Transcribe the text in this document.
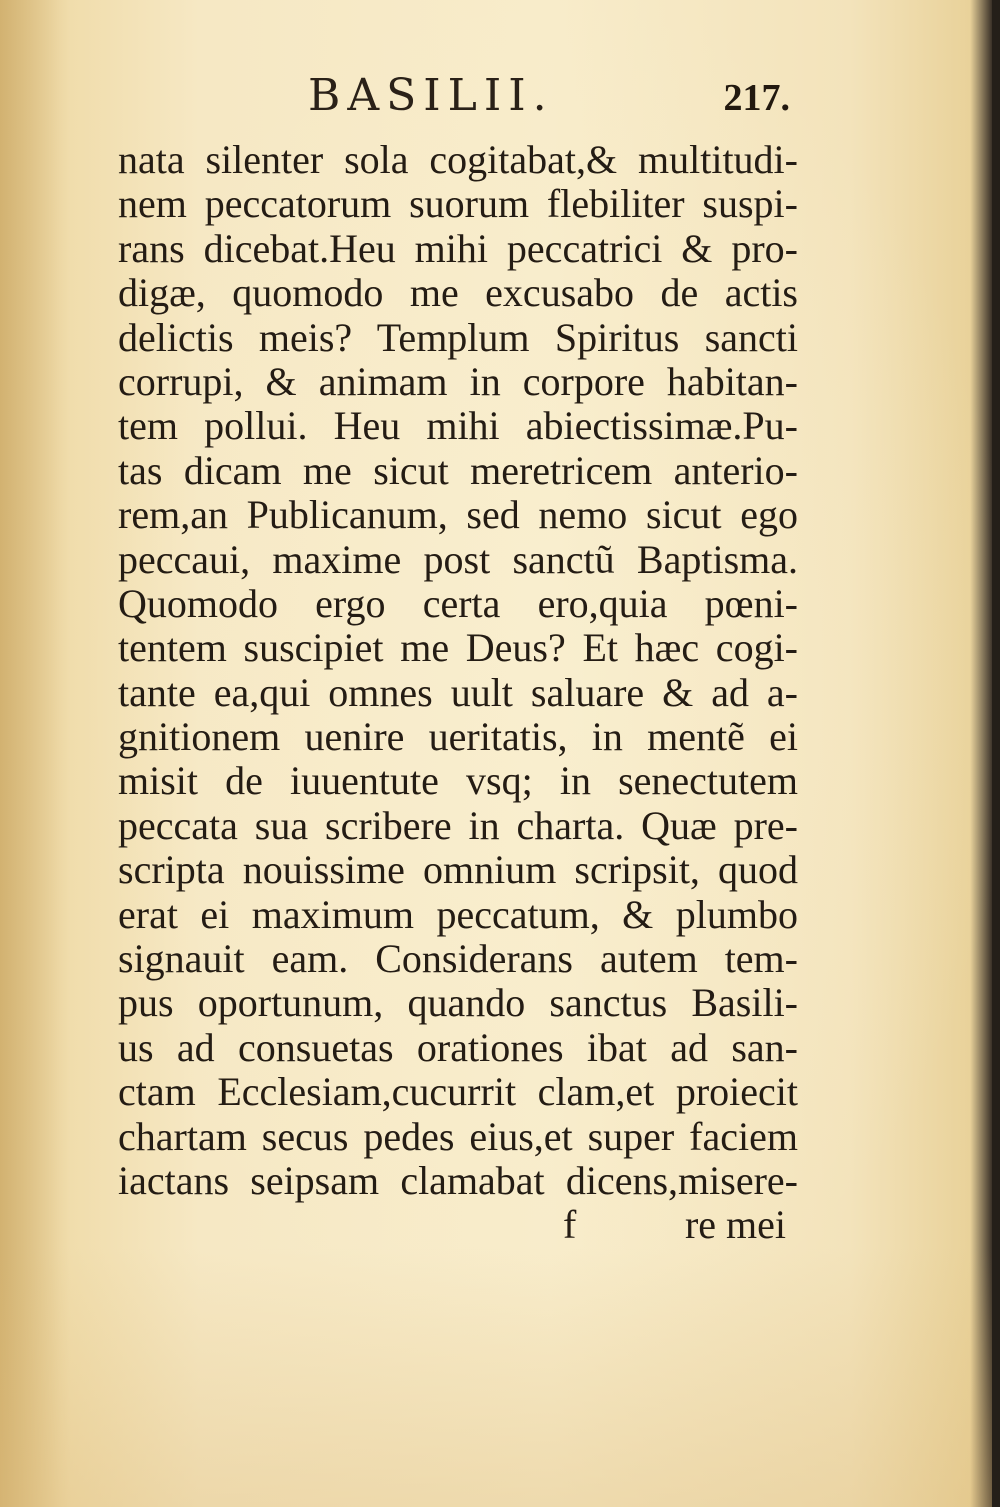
BASILII.	217.
nata silenter sola cogitabat,& multitudi-
nem peccatorum suorum flebiliter suspi-
rans dicebat.Heu mihi peccatrici & pro-
digæ, quomodo me excusabo de actis
delictis meis? Templum Spiritus sancti
corrupi, & animam in corpore habitan-
tem pollui. Heu mihi abiectissimæ.Pu-
tas dicam me sicut meretricem anterio-
rem,an Publicanum, sed nemo sicut ego
peccaui, maxime post sanctũ Baptisma.
Quomodo ergo certa ero,quia pœni-
tentem suscipiet me Deus? Et hæc cogi-
tante ea,qui omnes uult saluare & ad a-
gnitionem uenire ueritatis, in mentẽ ei
misit de iuuentute vsq; in senectutem
peccata sua scribere in charta. Quæ pre-
scripta nouissime omnium scripsit, quod
erat ei maximum peccatum, & plumbo
signauit eam. Considerans autem tem-
pus oportunum, quando sanctus Basili-
us ad consuetas orationes ibat ad san-
ctam Ecclesiam,cucurrit clam,et proiecit
chartam secus pedes eius,et super faciem
iactans seipsam clamabat dicens,misere-
f	re mei
